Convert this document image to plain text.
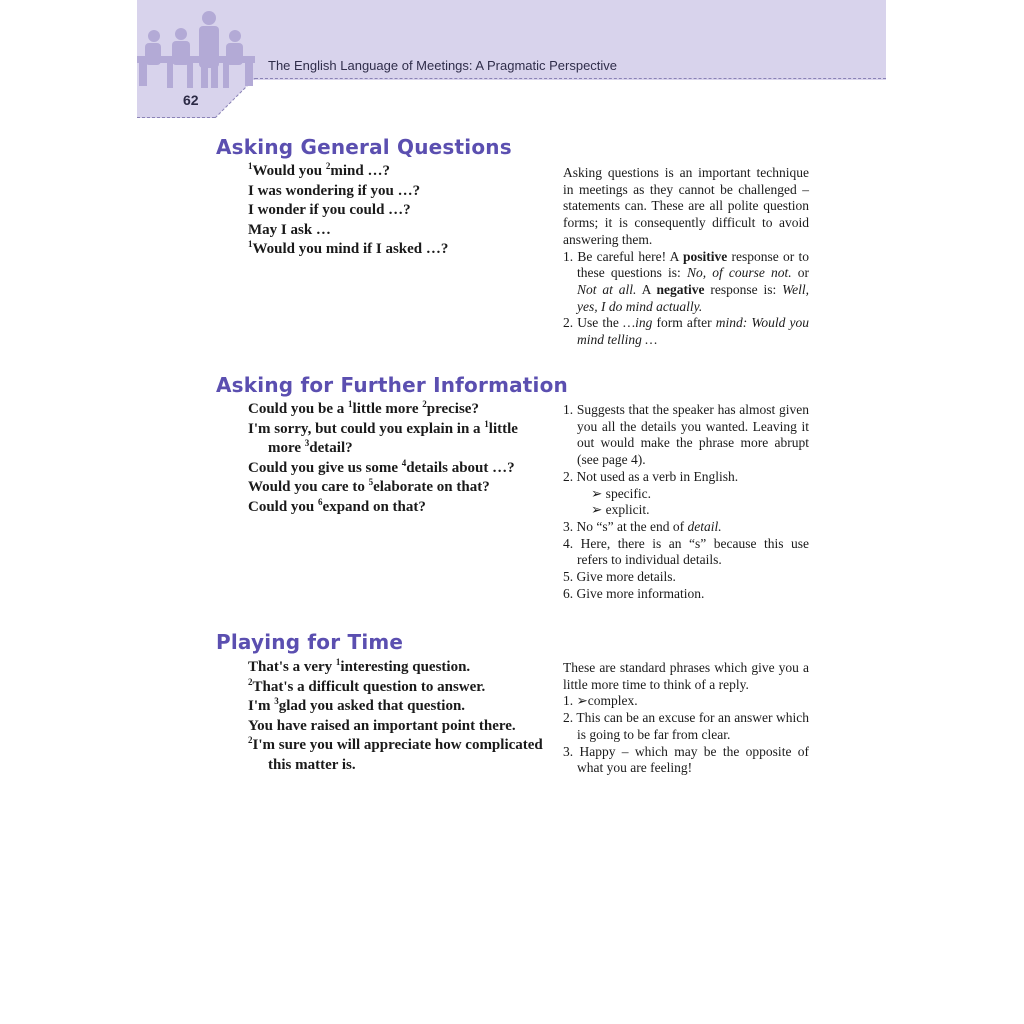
The English Language of Meetings: A Pragmatic Perspective
62
Asking General Questions
$^1$Would you $^2$mind …?
I was wondering if you …?
I wonder if you could …?
May I ask …
$^1$Would you mind if I asked …?

Asking questions is an important technique in meetings as they cannot be challenged – statements can. These are all polite question forms; it is consequently difficult to avoid answering them.

1. Be careful here! A positive response or to these questions is: No, of course not. or Not at all. A negative response is: Well, yes, I do mind actually.
2. Use the …ing form after mind: Would you mind telling …
Asking for Further Information
Could you be a $^1$little more $^2$precise?
I'm sorry, but could you explain in a $^1$little
more $^3$detail?
Could you give us some $^4$details about …?
Would you care to $^5$elaborate on that?
Could you $^6$expand on that?
1. Suggests that the speaker has almost given you all the details you wanted. Leaving it out would make the phrase more abrupt (see page 4).
2. Not used as a verb in English.
➢ specific.
➢ explicit.
3. No “s” at the end of detail.
4. Here, there is an “s” because this use refers to individual details.
5. Give more details.
6. Give more information.
Playing for Time
That's a very $^1$interesting question.
$^2$That's a difficult question to answer.
I'm $^3$glad you asked that question.
You have raised an important point there.
$^2$I'm sure you will appreciate how complicated
this matter is.

These are standard phrases which give you a little more time to think of a reply.

1. ➢complex.
2. This can be an excuse for an answer which is going to be far from clear.
3. Happy – which may be the opposite of what you are feeling!
